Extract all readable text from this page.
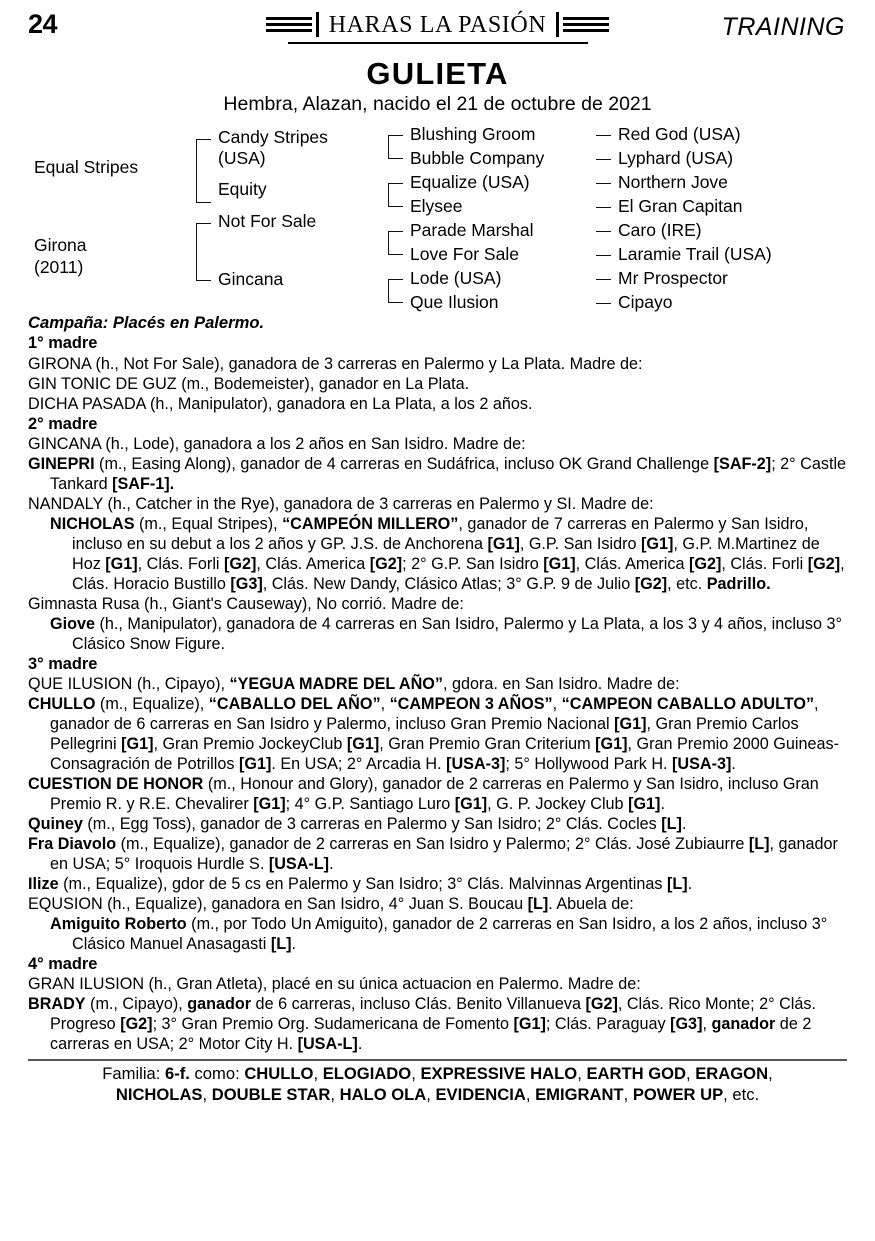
24	HARAS LA PASIÓN	TRAINING
GULIETA
Hembra, Alazan, nacido el 21 de octubre de 2021
Equal Stripes
Girona
(2011)
Candy Stripes (USA)
Equity
Not For Sale
Gincana
Blushing Groom
Bubble Company
Equalize (USA)
Elysee
Parade Marshal
Love For Sale
Lode (USA)
Que Ilusion
Red God (USA)
Lyphard (USA)
Northern Jove
El Gran Capitan
Caro (IRE)
Laramie Trail (USA)
Mr Prospector
Cipayo

Campaña: Placés en Palermo.

1° madre

GIRONA (h., Not For Sale), ganadora de 3 carreras en Palermo y La Plata. Madre de:

GIN TONIC DE GUZ (m., Bodemeister), ganador en La Plata.

DICHA PASADA (h., Manipulator), ganadora en La Plata, a los 2 años.

2° madre

GINCANA (h., Lode), ganadora a los 2 años en San Isidro. Madre de:

GINEPRI (m., Easing Along), ganador de 4 carreras en Sudáfrica, incluso OK Grand Challenge [SAF-2]; 2° Castle Tankard [SAF-1].

NANDALY (h., Catcher in the Rye), ganadora de 3 carreras en Palermo y SI. Madre de:

NICHOLAS (m., Equal Stripes), “CAMPEÓN MILLERO”, ganador de 7 carreras en Palermo y San Isidro, incluso en su debut a los 2 años y GP. J.S. de Anchorena [G1], G.P. San Isidro [G1], G.P. M.Martinez de Hoz [G1], Clás. Forli [G2], Clás. America [G2]; 2° G.P. San Isidro [G1], Clás. America [G2], Clás. Forli [G2], Clás. Horacio Bustillo [G3], Clás. New Dandy, Clásico Atlas; 3° G.P. 9 de Julio [G2], etc. Padrillo.

Gimnasta Rusa (h., Giant's Causeway), No corrió. Madre de:

Giove (h., Manipulator), ganadora de 4 carreras en San Isidro, Palermo y La Plata, a los 3 y 4 años, incluso 3° Clásico Snow Figure.

3° madre

QUE ILUSION (h., Cipayo), “YEGUA MADRE DEL AÑO”, gdora. en San Isidro. Madre de:

CHULLO (m., Equalize), “CABALLO DEL AÑO”, “CAMPEON 3 AÑOS”, “CAMPEON CABALLO ADULTO”, ganador de 6 carreras en San Isidro y Palermo, incluso Gran Premio Nacional [G1], Gran Premio Carlos Pellegrini [G1], Gran Premio JockeyClub [G1], Gran Premio Gran Criterium [G1], Gran Premio 2000 Guineas-Consagración de Potrillos [G1]. En USA; 2° Arcadia H. [USA-3]; 5° Hollywood Park H. [USA-3].

CUESTION DE HONOR (m., Honour and Glory), ganador de 2 carreras en Palermo y San Isidro, incluso Gran Premio R. y R.E. Chevalirer [G1]; 4° G.P. Santiago Luro [G1], G. P. Jockey Club [G1].

Quiney (m., Egg Toss), ganador de 3 carreras en Palermo y San Isidro; 2° Clás. Cocles [L].

Fra Diavolo (m., Equalize), ganador de 2 carreras en San Isidro y Palermo; 2° Clás. José Zubiaurre [L], ganador en USA; 5° Iroquois Hurdle S. [USA-L].

Ilize (m., Equalize), gdor de 5 cs en Palermo y San Isidro; 3° Clás. Malvinnas Argentinas [L].

EQUSION (h., Equalize), ganadora en San Isidro, 4° Juan S. Boucau [L]. Abuela de:

Amiguito Roberto (m., por Todo Un Amiguito), ganador de 2 carreras en San Isidro, a los 2 años, incluso 3° Clásico Manuel Anasagasti [L].

4° madre

GRAN ILUSION (h., Gran Atleta), placé en su única actuacion en Palermo. Madre de:

BRADY (m., Cipayo), ganador de 6 carreras, incluso Clás. Benito Villanueva [G2], Clás. Rico Monte; 2° Clás. Progreso [G2]; 3° Gran Premio Org. Sudamericana de Fomento [G1]; Clás. Paraguay [G3], ganador de 2 carreras en USA; 2° Motor City H. [USA-L].

Familia: 6-f. como: CHULLO, ELOGIADO, EXPRESSIVE HALO, EARTH GOD, ERAGON,
NICHOLAS, DOUBLE STAR, HALO OLA, EVIDENCIA, EMIGRANT, POWER UP, etc.
